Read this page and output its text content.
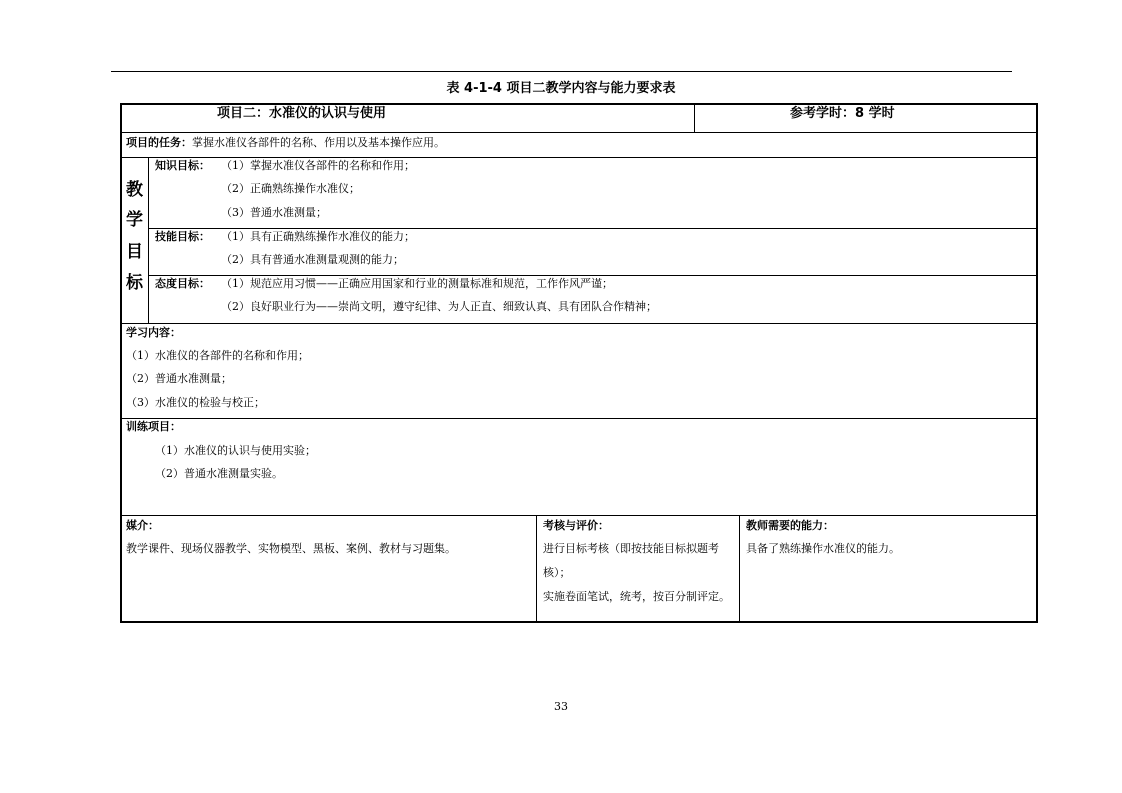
表 4-1-4 项目二教学内容与能力要求表
项目二：水准仪的认识与使用	参考学时：8 学时
项目的任务：掌握水准仪各部件的名称、作用以及基本操作应用。
教
学
目
标
知识目标： （1）掌握水准仪各部件的名称和作用；
（2）正确熟练操作水准仪；
（3）普通水准测量；
技能目标： （1）具有正确熟练操作水准仪的能力；
（2）具有普通水准测量观测的能力；
态度目标： （1）规范应用习惯——正确应用国家和行业的测量标准和规范，工作作风严谨；
（2）良好职业行为——崇尚文明，遵守纪律、为人正直、细致认真、具有团队合作精神；
学习内容：
（1）水准仪的各部件的名称和作用；
（2）普通水准测量；
（3）水准仪的检验与校正；
训练项目：
（1）水准仪的认识与使用实验；
（2）普通水准测量实验。
媒介：
教学课件、现场仪器教学、实物模型、黑板、案例、教材与习题集。
考核与评价：
进行目标考核（即按技能目标拟题考
核）；
实施卷面笔试，统考，按百分制评定。
教师需要的能力：
具备了熟练操作水准仪的能力。
33
